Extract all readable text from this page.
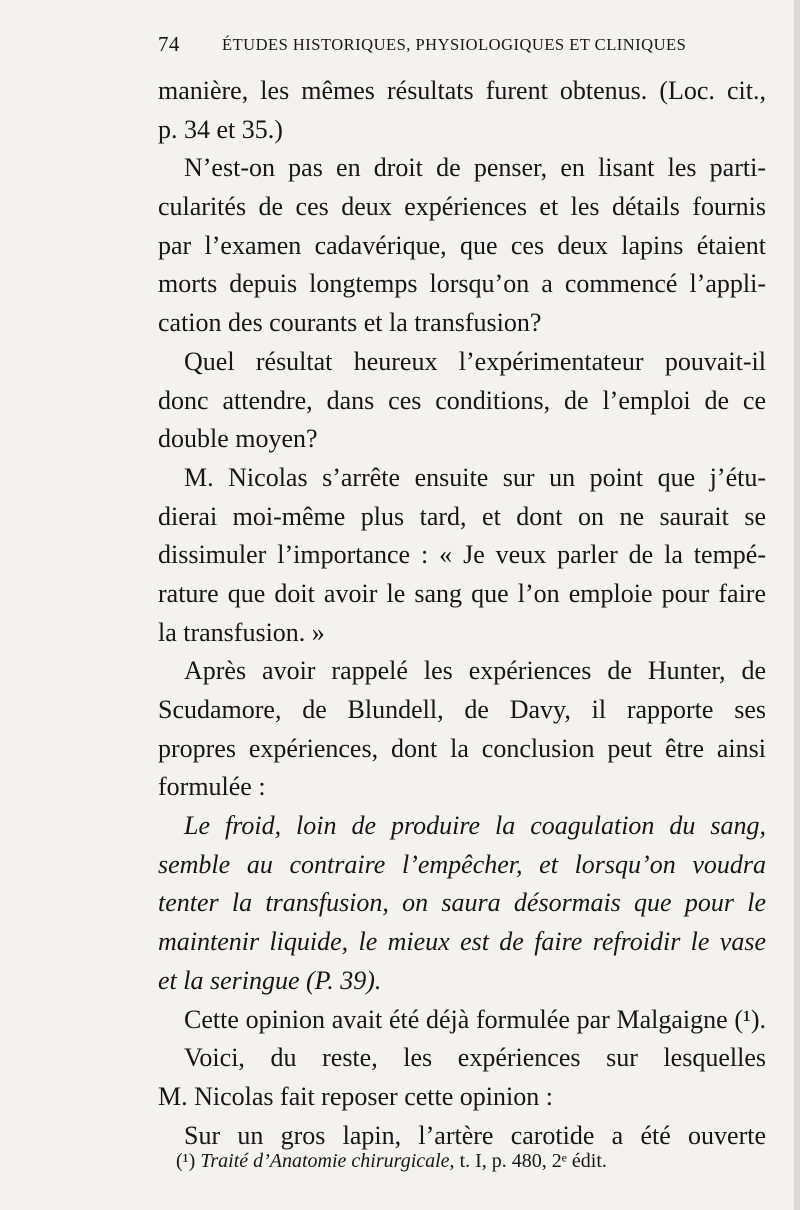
74	ÉTUDES HISTORIQUES, PHYSIOLOGIQUES ET CLINIQUES
manière, les mêmes résultats furent obtenus. (Loc. cit.,
p. 34 et 35.)
N’est-on pas en droit de penser, en lisant les parti-
cularités de ces deux expériences et les détails fournis
par l’examen cadavérique, que ces deux lapins étaient
morts depuis longtemps lorsqu’on a commencé l’appli-
cation des courants et la transfusion?
Quel résultat heureux l’expérimentateur pouvait-il
donc attendre, dans ces conditions, de l’emploi de ce
double moyen?
M. Nicolas s’arrête ensuite sur un point que j’étu-
dierai moi-même plus tard, et dont on ne saurait se
dissimuler l’importance : « Je veux parler de la tempé-
rature que doit avoir le sang que l’on emploie pour faire
la transfusion. »
Après avoir rappelé les expériences de Hunter, de
Scudamore, de Blundell, de Davy, il rapporte ses
propres expériences, dont la conclusion peut être ainsi
formulée :
Le froid, loin de produire la coagulation du sang,
semble au contraire l’empêcher, et lorsqu’on voudra
tenter la transfusion, on saura désormais que pour le
maintenir liquide, le mieux est de faire refroidir le vase
et la seringue (P. 39).
Cette opinion avait été déjà formulée par Malgaigne (¹).
Voici, du reste, les expériences sur lesquelles
M. Nicolas fait reposer cette opinion :
Sur un gros lapin, l’artère carotide a été ouverte
(¹) Traité d’Anatomie chirurgicale, t. I, p. 480, 2ᵉ édit.
